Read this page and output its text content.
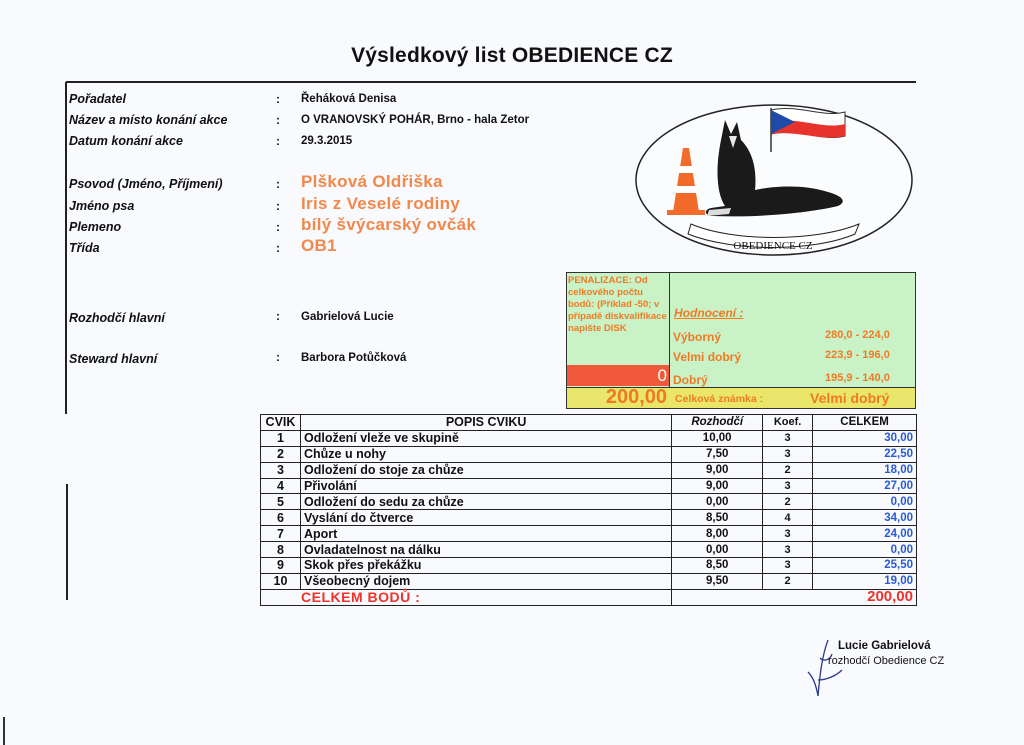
Výsledkový list OBEDIENCE CZ
Pořadatel	: Řeháková Denisa
Název a místo konání akce	: O VRANOVSKÝ POHÁR, Brno - hala Zetor
Datum konání akce	: 29.3.2015
Psovod (Jméno, Příjmení)	: Plšková Oldřiška
Jméno psa	: Iris z Veselé rodiny
Plemeno	: bílý švýcarský ovčák
Třída	: OB1
Rozhodčí hlavní	: Gabrielová Lucie
Steward hlavní	: Barbora Potůčková
OBEDIENCE CZ
PENALIZACE: Od celkového počtu bodů: (Příklad -50; v případě diskvalifikace napište DISK
0
Hodnocení :
Výborný	280,0 - 224,0
Velmi dobrý	223,9 - 196,0
Dobrý	195,9 - 140,0
200,00 Celková známka :	Velmi dobrý
CVIK	POPIS CVIKU	Rozhodčí	Koef.	CELKEM
1	Odložení vleže ve skupině	10,00	3	30,00
2	Chůze u nohy	7,50	3	22,50
3	Odložení do stoje za chůze	9,00	2	18,00
4	Přivolání	9,00	3	27,00
5	Odložení do sedu za chůze	0,00	2	0,00
6	Vyslání do čtverce	8,50	4	34,00
7	Aport	8,00	3	24,00
8	Ovladatelnost na dálku	0,00	3	0,00
9	Skok přes překážku	8,50	3	25,50
10	Všeobecný dojem	9,50	2	19,00
CELKEM BODŮ :		200,00		
Lucie Gabrielová
rozhodčí Obedience CZ
